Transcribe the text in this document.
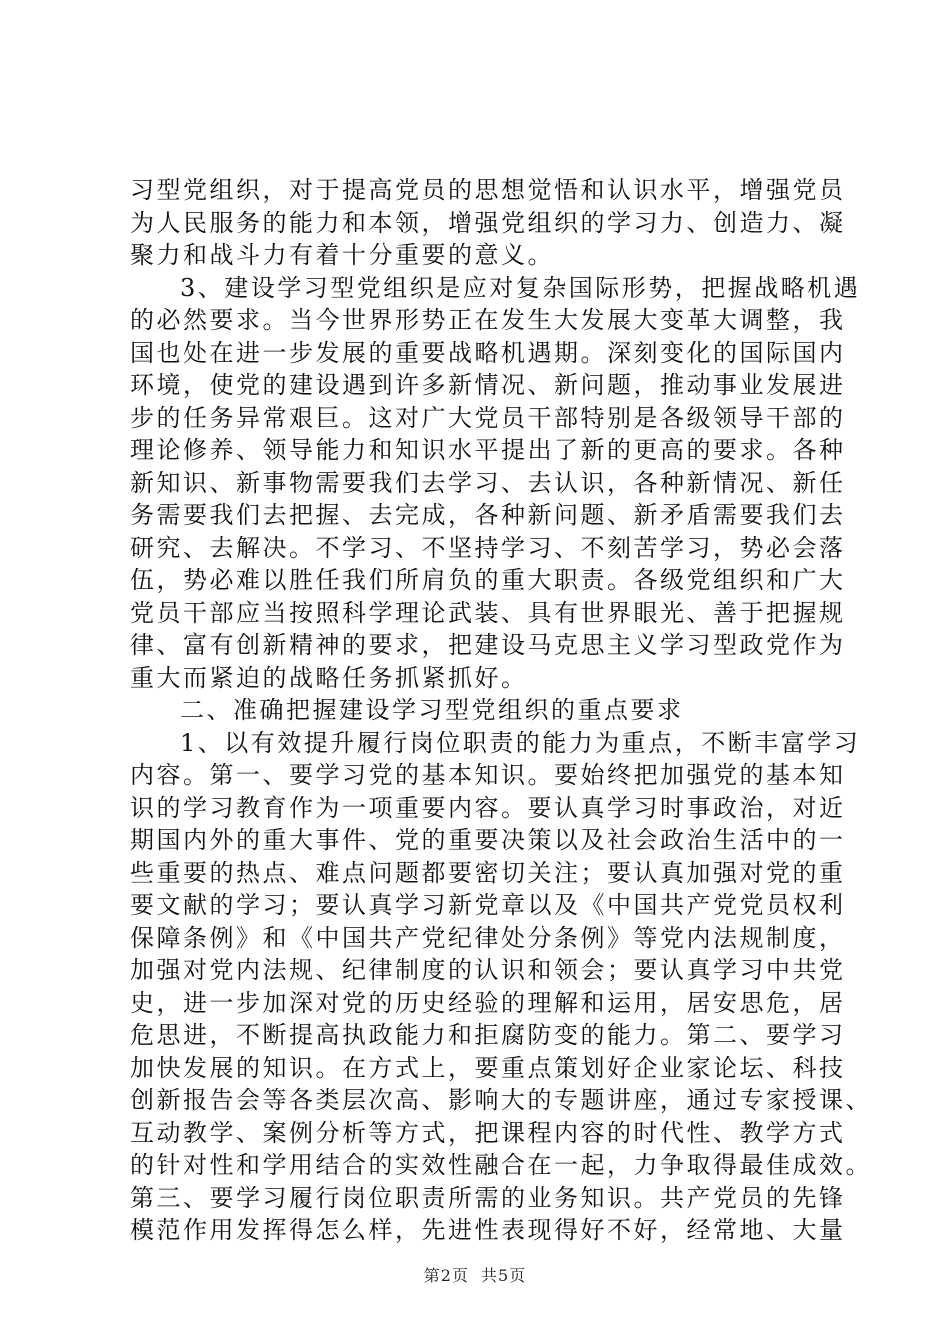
习型党组织，对于提高党员的思想觉悟和认识水平，增强党员
为人民服务的能力和本领，增强党组织的学习力、创造力、凝
聚力和战斗力有着十分重要的意义。
3、建设学习型党组织是应对复杂国际形势，把握战略机遇
的必然要求。当今世界形势正在发生大发展大变革大调整，我
国也处在进一步发展的重要战略机遇期。深刻变化的国际国内
环境，使党的建设遇到许多新情况、新问题，推动事业发展进
步的任务异常艰巨。这对广大党员干部特别是各级领导干部的
理论修养、领导能力和知识水平提出了新的更高的要求。各种
新知识、新事物需要我们去学习、去认识，各种新情况、新任
务需要我们去把握、去完成，各种新问题、新矛盾需要我们去
研究、去解决。不学习、不坚持学习、不刻苦学习，势必会落
伍，势必难以胜任我们所肩负的重大职责。各级党组织和广大
党员干部应当按照科学理论武装、具有世界眼光、善于把握规
律、富有创新精神的要求，把建设马克思主义学习型政党作为
重大而紧迫的战略任务抓紧抓好。
二、准确把握建设学习型党组织的重点要求
1、以有效提升履行岗位职责的能力为重点，不断丰富学习
内容。第一、要学习党的基本知识。要始终把加强党的基本知
识的学习教育作为一项重要内容。要认真学习时事政治，对近
期国内外的重大事件、党的重要决策以及社会政治生活中的一
些重要的热点、难点问题都要密切关注；要认真加强对党的重
要文献的学习；要认真学习新党章以及《中国共产党党员权利
保障条例》和《中国共产党纪律处分条例》等党内法规制度，
加强对党内法规、纪律制度的认识和领会；要认真学习中共党
史，进一步加深对党的历史经验的理解和运用，居安思危，居
危思进，不断提高执政能力和拒腐防变的能力。第二、要学习
加快发展的知识。在方式上，要重点策划好企业家论坛、科技
创新报告会等各类层次高、影响大的专题讲座，通过专家授课、
互动教学、案例分析等方式，把课程内容的时代性、教学方式
的针对性和学用结合的实效性融合在一起，力争取得最佳成效。
第三、要学习履行岗位职责所需的业务知识。共产党员的先锋
模范作用发挥得怎么样，先进性表现得好不好，经常地、大量
第2页 共5页
